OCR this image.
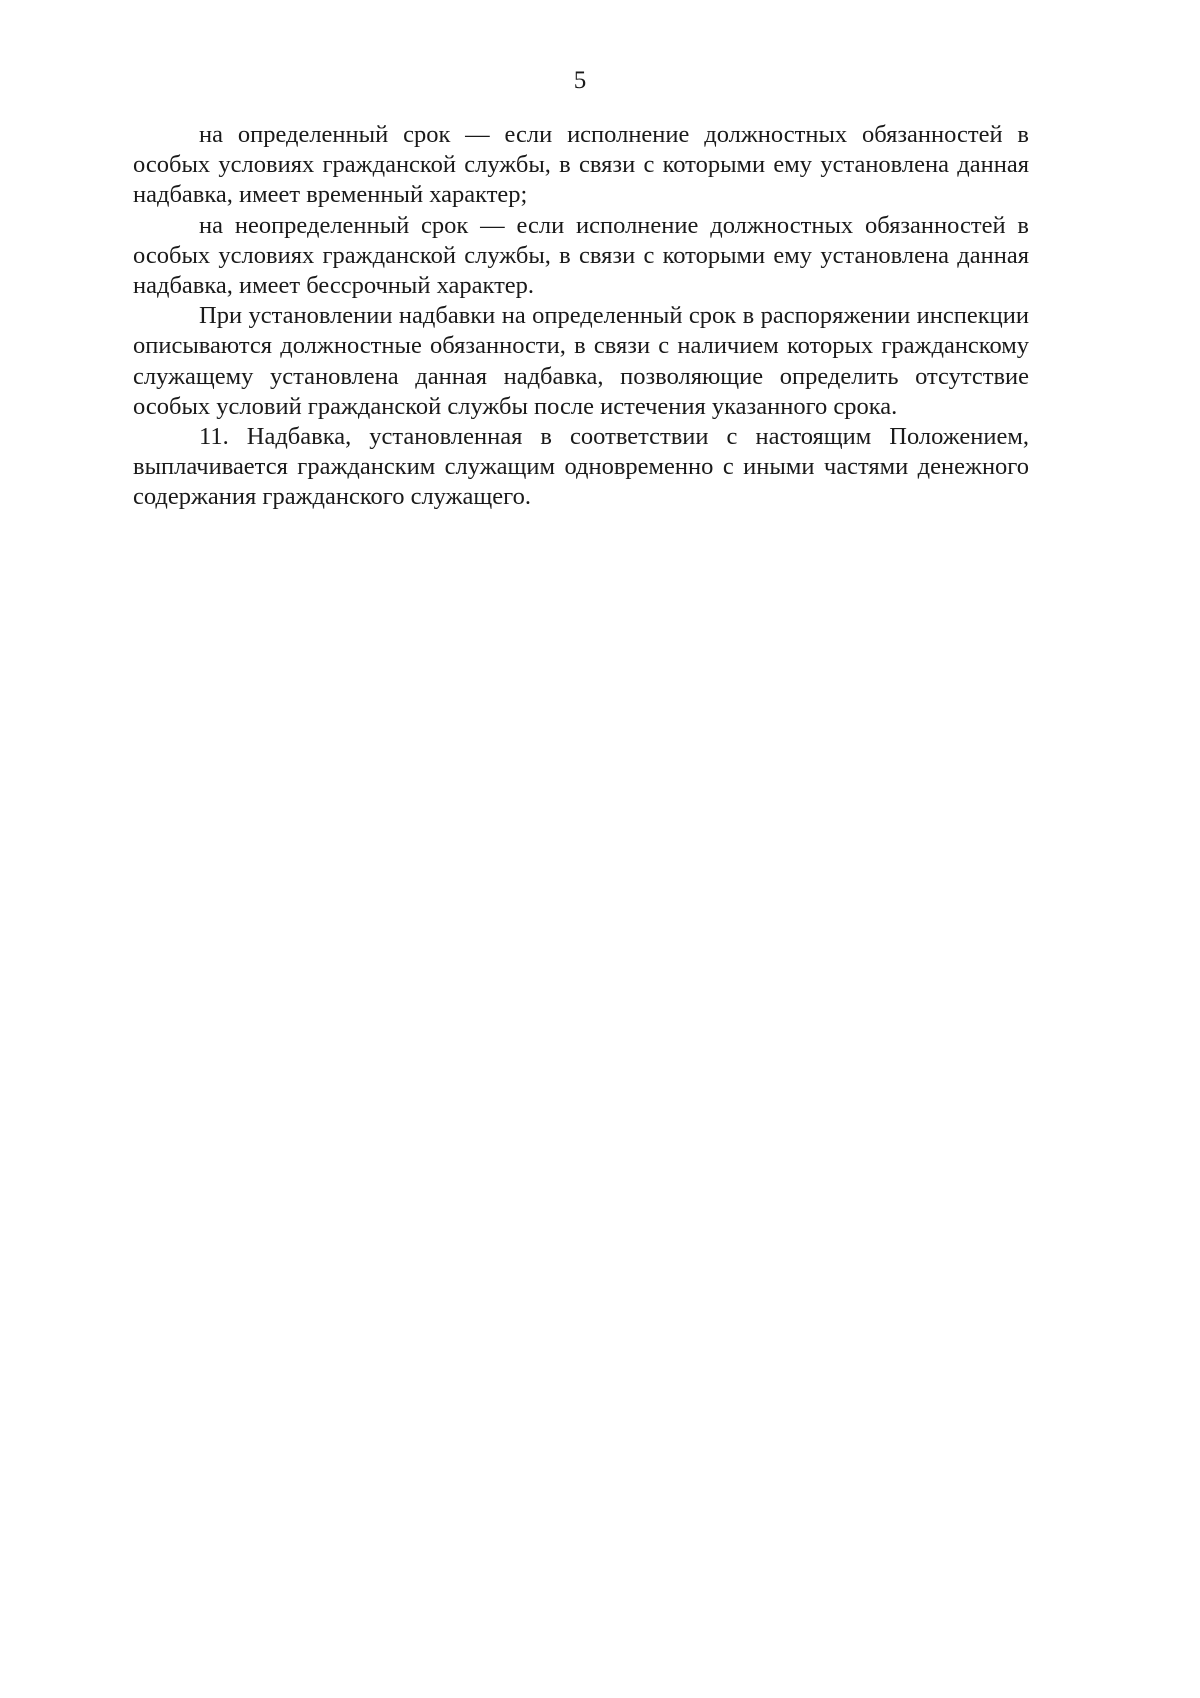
5

на определенный срок — если исполнение должностных обязанностей в особых условиях гражданской службы, в связи с которыми ему установлена данная надбавка, имеет временный характер;

на неопределенный срок — если исполнение должностных обязанностей в особых условиях гражданской службы, в связи с которыми ему установлена данная надбавка, имеет бессрочный характер.

При установлении надбавки на определенный срок в распоряжении инспекции описываются должностные обязанности, в связи с наличием которых гражданскому служащему установлена данная надбавка, позволяющие определить отсутствие особых условий гражданской службы после истечения указанного срока.

11. Надбавка, установленная в соответствии с настоящим Положением, выплачивается гражданским служащим одновременно с иными частями денежного содержания гражданского служащего.
